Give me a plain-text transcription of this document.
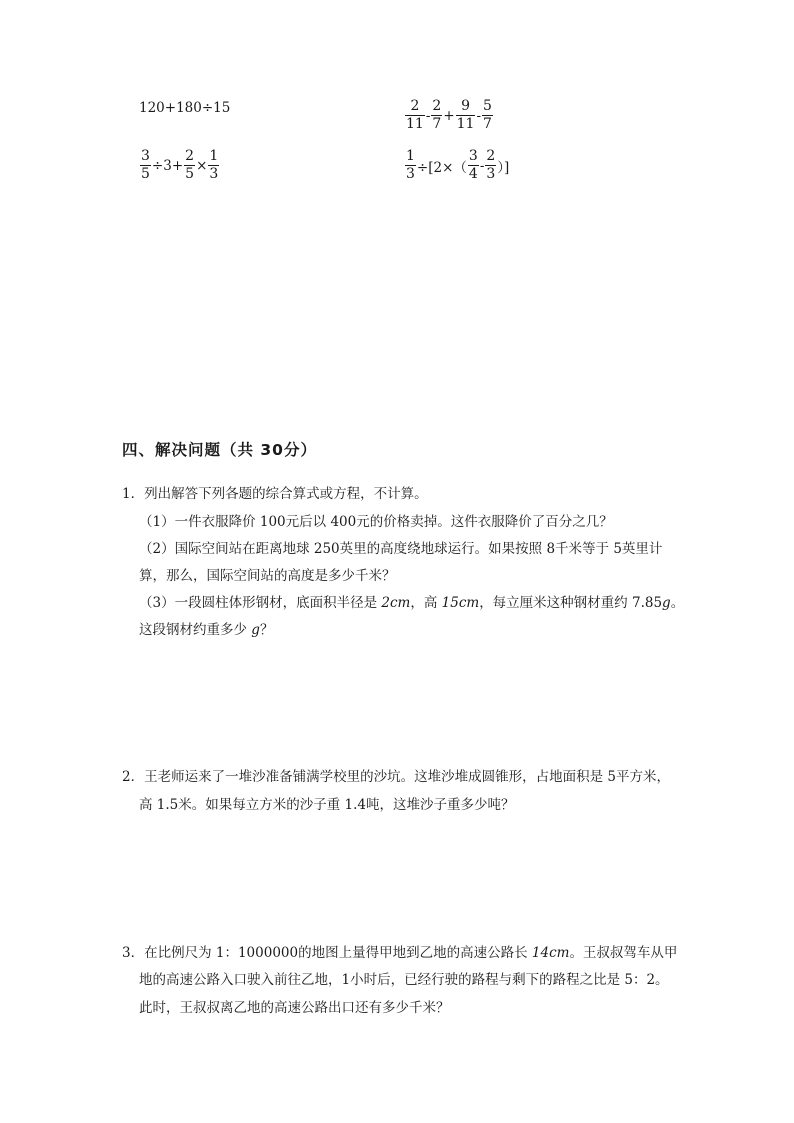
120+180÷15	$\frac{2}{11} - \frac{2}{7} + \frac{9}{11} - \frac{5}{7}$
$\frac{3}{5} \div 3+ \frac{2}{5} \times \frac{1}{3}$	$\frac{1}{3} \div[2\times( \frac{3}{4} - \frac{2}{3}$ ）]
四、解决问题（共 30分）
1．列出解答下列各题的综合算式或方程，不计算。
（1）一件衣服降价 100元后以 400元的价格卖掉。这件衣服降价了百分之几？
（2）国际空间站在距离地球 250英里的高度绕地球运行。如果按照 8千米等于 5英里计
算，那么，国际空间站的高度是多少千米？
（3）一段圆柱体形钢材，底面积半径是 2cm，高 15cm，每立厘米这种钢材重约 7.85g。
这段钢材约重多少 g？
2．王老师运来了一堆沙准备铺满学校里的沙坑。这堆沙堆成圆锥形，占地面积是 5平方米，
高 1.5米。如果每立方米的沙子重 1.4吨，这堆沙子重多少吨？
3．在比例尺为 1：1000000的地图上量得甲地到乙地的高速公路长 14cm。王叔叔驾车从甲
地的高速公路入口驶入前往乙地，1小时后，已经行驶的路程与剩下的路程之比是 5：2。
此时，王叔叔离乙地的高速公路出口还有多少千米？
